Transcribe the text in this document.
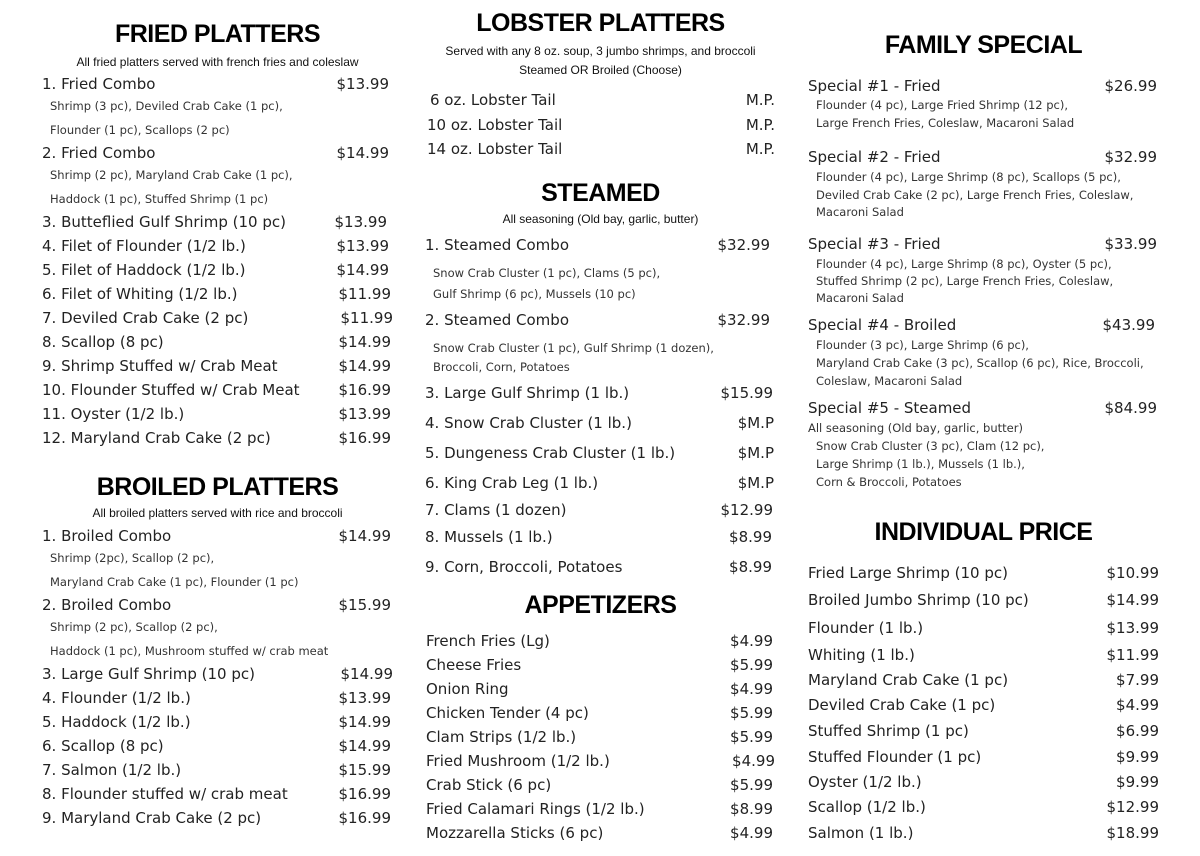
FRIED PLATTERS
All fried platters served with french fries and coleslaw
1. Fried Combo	$13.99
Shrimp (3 pc), Deviled Crab Cake (1 pc),
Flounder (1 pc), Scallops (2 pc)
2. Fried Combo	$14.99
Shrimp (2 pc), Maryland Crab Cake (1 pc),
Haddock (1 pc), Stuffed Shrimp (1 pc)
3. Butteflied Gulf Shrimp (10 pc)	$13.99
4. Filet of Flounder (1/2 lb.)	$13.99
5. Filet of Haddock (1/2 lb.)	$14.99
6. Filet of Whiting (1/2 lb.)	$11.99
7. Deviled Crab Cake (2 pc)	$11.99
8. Scallop (8 pc)	$14.99
9. Shrimp Stuffed w/ Crab Meat	$14.99
10. Flounder Stuffed w/ Crab Meat	$16.99
11. Oyster (1/2 lb.)	$13.99
12. Maryland Crab Cake (2 pc)	$16.99
BROILED PLATTERS
All broiled platters served with rice and broccoli
1. Broiled Combo	$14.99
Shrimp (2pc), Scallop (2 pc),
Maryland Crab Cake (1 pc), Flounder (1 pc)
2. Broiled Combo	$15.99
Shrimp (2 pc), Scallop (2 pc),
Haddock (1 pc), Mushroom stuffed w/ crab meat
3. Large Gulf Shrimp (10 pc)	$14.99
4. Flounder (1/2 lb.)	$13.99
5. Haddock (1/2 lb.)	$14.99
6. Scallop (8 pc)	$14.99
7. Salmon (1/2 lb.)	$15.99
8. Flounder stuffed w/ crab meat	$16.99
9. Maryland Crab Cake (2 pc)	$16.99
LOBSTER PLATTERS
Served with any 8 oz. soup, 3 jumbo shrimps, and broccoli
Steamed OR Broiled (Choose)
6 oz. Lobster Tail	M.P.
10 oz. Lobster Tail	M.P.
14 oz. Lobster Tail	M.P.
STEAMED
All seasoning (Old bay, garlic, butter)
1. Steamed Combo	$32.99
Snow Crab Cluster (1 pc), Clams (5 pc),
Gulf Shrimp (6 pc), Mussels (10 pc)
2. Steamed Combo	$32.99
Snow Crab Cluster (1 pc), Gulf Shrimp (1 dozen),
Broccoli, Corn, Potatoes
3. Large Gulf Shrimp (1 lb.)	$15.99
4. Snow Crab Cluster (1 lb.)	$M.P
5. Dungeness Crab Cluster (1 lb.)	$M.P
6. King Crab Leg (1 lb.)	$M.P
7. Clams (1 dozen)	$12.99
8. Mussels (1 lb.)	$8.99
9. Corn, Broccoli, Potatoes	$8.99
APPETIZERS
French Fries (Lg)	$4.99
Cheese Fries	$5.99
Onion Ring	$4.99
Chicken Tender (4 pc)	$5.99
Clam Strips (1/2 lb.)	$5.99
Fried Mushroom (1/2 lb.)	$4.99
Crab Stick (6 pc)	$5.99
Fried Calamari Rings (1/2 lb.)	$8.99
Mozzarella Sticks (6 pc)	$4.99
FAMILY SPECIAL
Special #1 - Fried	$26.99
Flounder (4 pc), Large Fried Shrimp (12 pc),
Large French Fries, Coleslaw, Macaroni Salad
Special #2 - Fried	$32.99
Flounder (4 pc), Large Shrimp (8 pc), Scallops (5 pc),
Deviled Crab Cake (2 pc), Large French Fries, Coleslaw,
Macaroni Salad
Special #3 - Fried	$33.99
Flounder (4 pc), Large Shrimp (8 pc), Oyster (5 pc),
Stuffed Shrimp (2 pc), Large French Fries, Coleslaw,
Macaroni Salad
Special #4 - Broiled	$43.99
Flounder (3 pc), Large Shrimp (6 pc),
Maryland Crab Cake (3 pc), Scallop (6 pc), Rice, Broccoli,
Coleslaw, Macaroni Salad
Special #5 - Steamed	$84.99
All seasoning (Old bay, garlic, butter)
Snow Crab Cluster (3 pc), Clam (12 pc),
Large Shrimp (1 lb.), Mussels (1 lb.),
Corn & Broccoli, Potatoes
INDIVIDUAL PRICE
Fried Large Shrimp (10 pc)	$10.99
Broiled Jumbo Shrimp (10 pc)	$14.99
Flounder (1 lb.)	$13.99
Whiting (1 lb.)	$11.99
Maryland Crab Cake (1 pc)	$7.99
Deviled Crab Cake (1 pc)	$4.99
Stuffed Shrimp (1 pc)	$6.99
Stuffed Flounder (1 pc)	$9.99
Oyster (1/2 lb.)	$9.99
Scallop (1/2 lb.)	$12.99
Salmon (1 lb.)	$18.99
